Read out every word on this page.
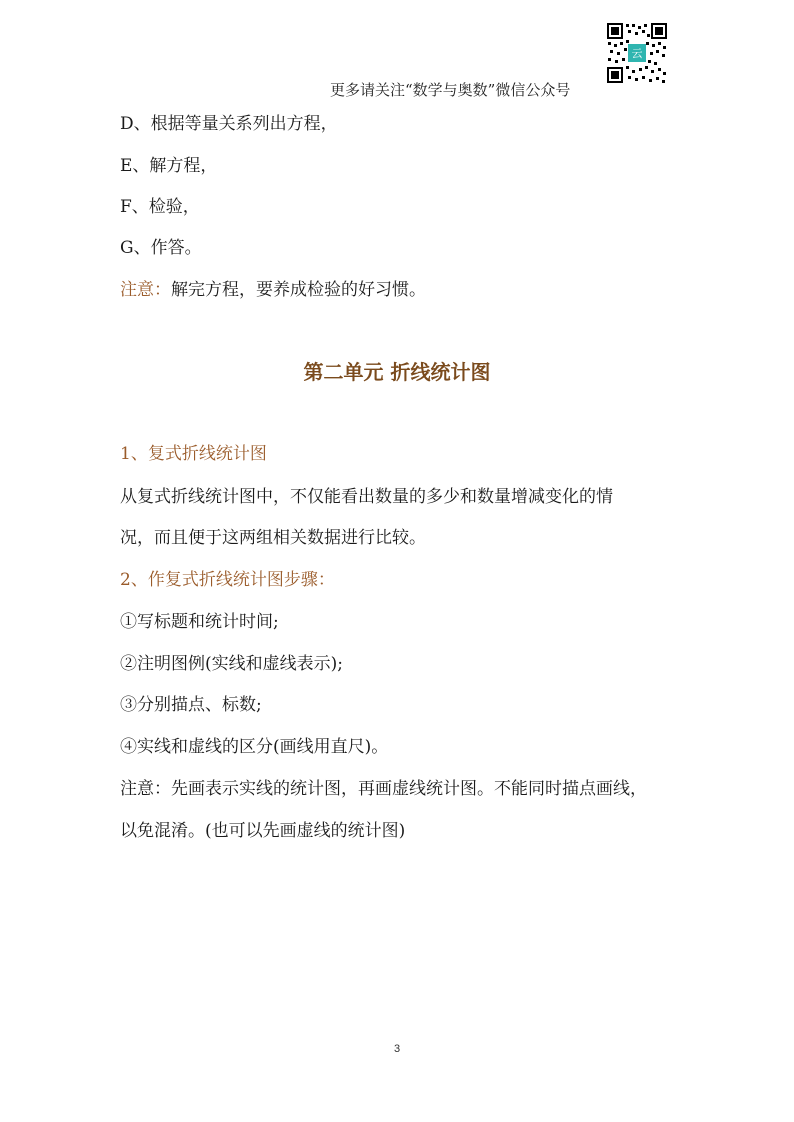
云
更多请关注“数学与奥数”微信公众号
D、根据等量关系列出方程，
E、解方程，
F、检验，
G、作答。
注意：解完方程，要养成检验的好习惯。
第二单元 折线统计图
1、复式折线统计图
从复式折线统计图中，不仅能看出数量的多少和数量增减变化的情
况，而且便于这两组相关数据进行比较。
2、作复式折线统计图步骤：
①写标题和统计时间;
②注明图例(实线和虚线表示);
③分别描点、标数;
④实线和虚线的区分(画线用直尺)。
注意：先画表示实线的统计图，再画虚线统计图。不能同时描点画线，
以免混淆。(也可以先画虚线的统计图)
3
